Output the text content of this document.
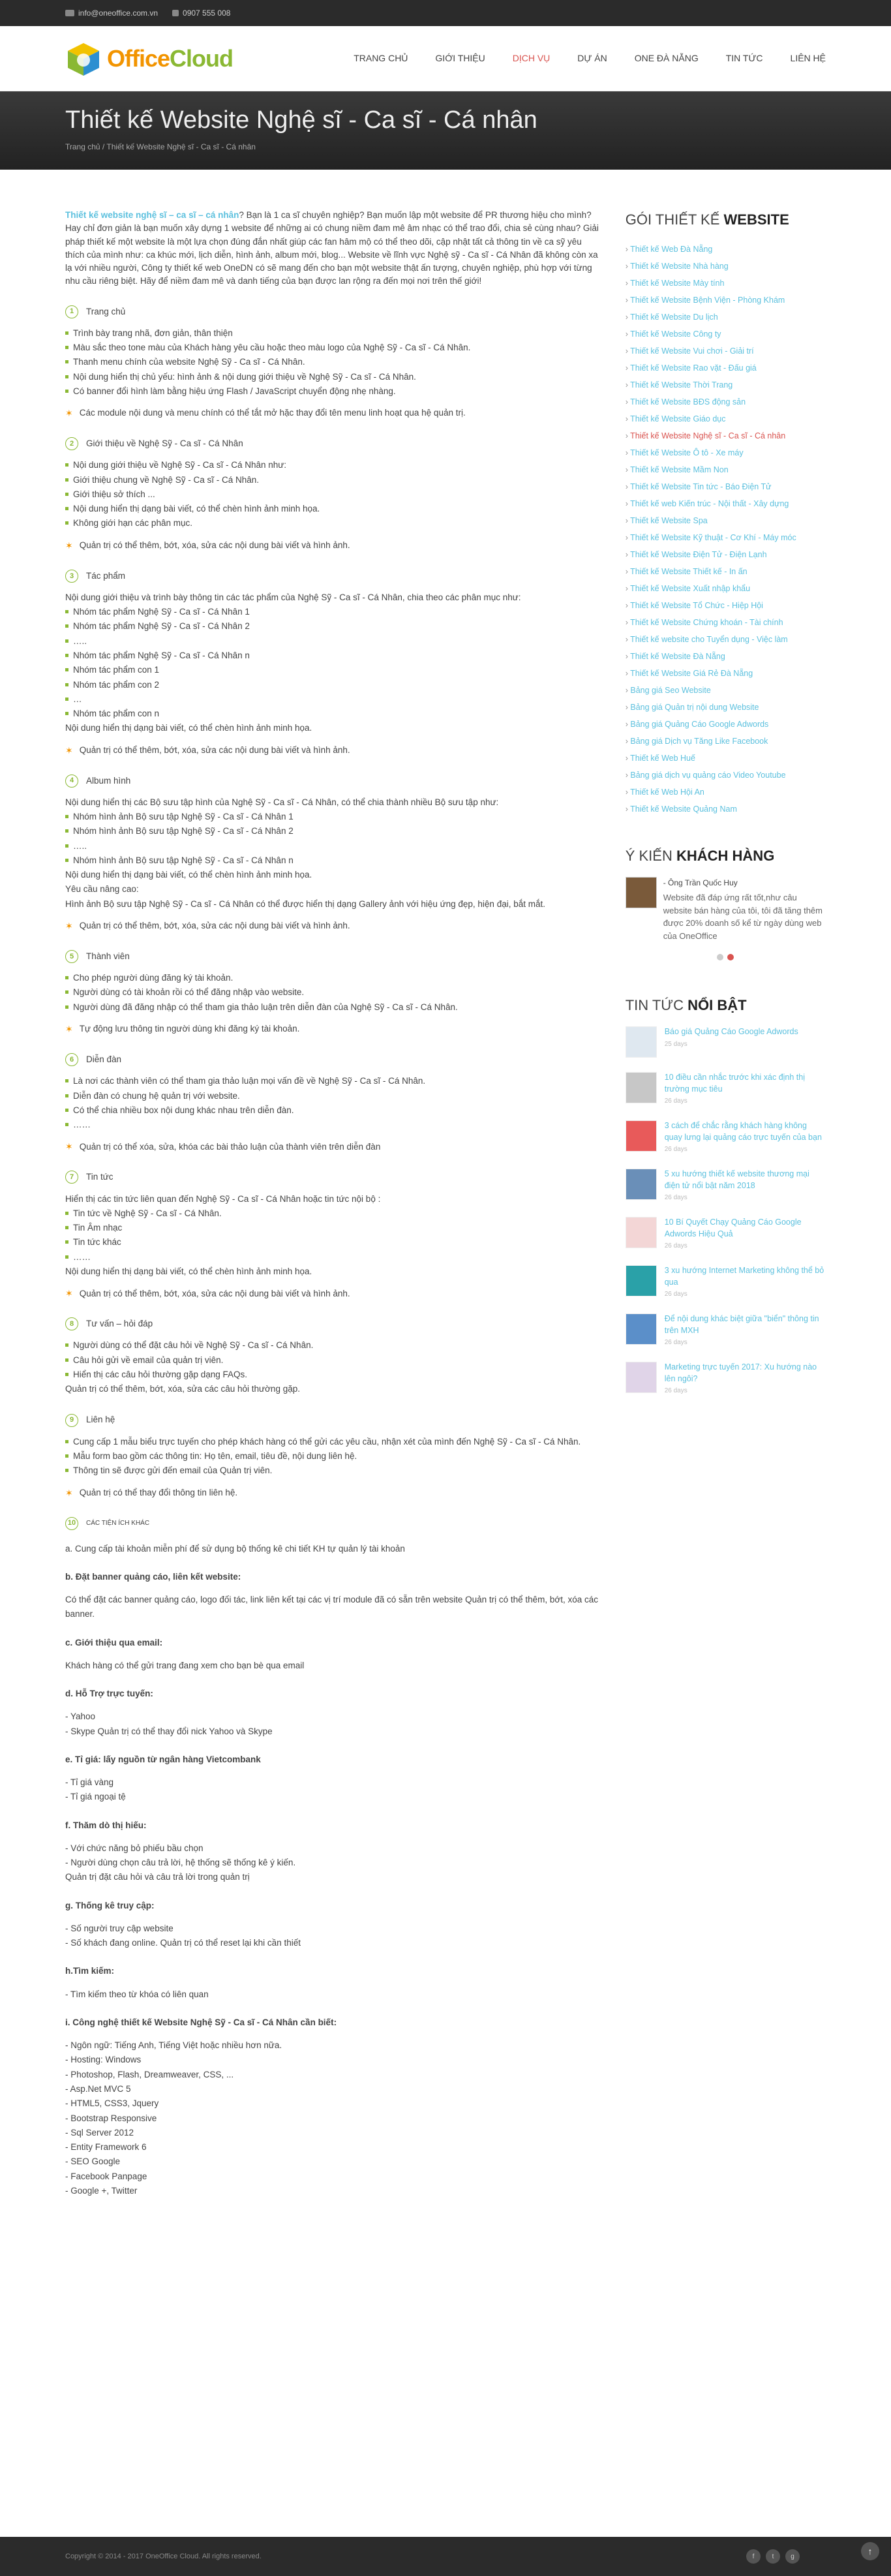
info@oneoffice.com.vn	0907 555 008
OfficeCloud	TRANG CHỦ	GIỚI THIỆU	DỊCH VỤ	DỰ ÁN	ONE ĐÀ NẴNG	TIN TỨC	LIÊN HỆ
Thiết kế Website Nghệ sĩ - Ca sĩ - Cá nhân
Trang chủ / Thiết kế Website Nghệ sĩ - Ca sĩ - Cá nhân

Thiết kế website nghệ sĩ – ca sĩ – cá nhân? Bạn là 1 ca sĩ chuyên nghiệp? Bạn muốn lập một website để PR thương hiệu cho mình? Hay chỉ đơn giản là bạn muốn xây dựng 1 website để những ai có chung niềm đam mê âm nhạc có thể trao đổi, chia sẻ cùng nhau? Giải pháp thiết kế một website là một lựa chọn đúng đắn nhất giúp các fan hâm mộ có thể theo dõi, cập nhật tất cả thông tin về ca sỹ yêu thích của mình như: ca khúc mới, lịch diễn, hình ảnh, album mới, blog... Website về lĩnh vực Nghệ sỹ - Ca sĩ - Cá Nhân đã không còn xa lạ với nhiều người, Công ty thiết kế web OneDN có sẽ mang đến cho bạn một website thật ấn tượng, chuyên nghiệp, phù hợp với từng nhu cầu riêng biệt. Hãy để niềm đam mê và danh tiếng của bạn được lan rộng ra đến mọi nơi trên thế giới!

1	Trang chủ
Trình bày trang nhã, đơn giản, thân thiện
Màu sắc theo tone màu của Khách hàng yêu cầu hoặc theo màu logo của Nghệ Sỹ - Ca sĩ - Cá Nhân.
Thanh menu chính của website Nghệ Sỹ - Ca sĩ - Cá Nhân.
Nội dung hiển thị chủ yếu: hình ảnh & nội dung giới thiệu về Nghệ Sỹ - Ca sĩ - Cá Nhân.
Có banner đổi hình làm bằng hiệu ứng Flash / JavaScript chuyển động nhẹ nhàng.
✶ Các module nội dung và menu chính có thể tắt mở hặc thay đổi tên menu linh hoạt qua hệ quản trị.
2	Giới thiệu về Nghệ Sỹ - Ca sĩ - Cá Nhân
Nội dung giới thiệu về Nghệ Sỹ - Ca sĩ - Cá Nhân như:
Giới thiệu chung về Nghệ Sỹ - Ca sĩ - Cá Nhân.
Giới thiệu sở thích ...
Nội dung hiển thị dạng bài viết, có thể chèn hình ảnh minh họa.
Không giới hạn các phân mục.
✶ Quản trị có thể thêm, bớt, xóa, sửa các nội dung bài viết và hình ảnh.
3	Tác phẩm
Nội dung giới thiệu và trình bày thông tin các tác phẩm của Nghệ Sỹ - Ca sĩ - Cá Nhân, chia theo các phân mục như:
Nhóm tác phẩm Nghệ Sỹ - Ca sĩ - Cá Nhân 1
Nhóm tác phẩm Nghệ Sỹ - Ca sĩ - Cá Nhân 2
…..
Nhóm tác phẩm Nghệ Sỹ - Ca sĩ - Cá Nhân n
Nhóm tác phẩm con 1
Nhóm tác phẩm con 2
…
Nhóm tác phẩm con n
Nội dung hiển thị dạng bài viết, có thể chèn hình ảnh minh họa.
✶ Quản trị có thể thêm, bớt, xóa, sửa các nội dung bài viết và hình ảnh.
4	Album hình
Nội dung hiển thị các Bộ sưu tập hình của Nghệ Sỹ - Ca sĩ - Cá Nhân, có thể chia thành nhiều Bộ sưu tập như:
Nhóm hình ảnh Bộ sưu tập Nghệ Sỹ - Ca sĩ - Cá Nhân 1
Nhóm hình ảnh Bộ sưu tập Nghệ Sỹ - Ca sĩ - Cá Nhân 2
…..
Nhóm hình ảnh Bộ sưu tập Nghệ Sỹ - Ca sĩ - Cá Nhân n
Nội dung hiển thị dạng bài viết, có thể chèn hình ảnh minh họa.
Yêu cầu nâng cao:
Hình ảnh Bộ sưu tập Nghệ Sỹ - Ca sĩ - Cá Nhân có thể được hiển thị dạng Gallery ảnh với hiệu ứng đẹp, hiện đại, bắt mắt.
✶ Quản trị có thể thêm, bớt, xóa, sửa các nội dung bài viết và hình ảnh.
5	Thành viên
Cho phép người dùng đăng ký tài khoản.
Người dùng có tài khoản rồi có thể đăng nhập vào website.
Người dùng đã đăng nhập có thể tham gia thảo luận trên diễn đàn của Nghệ Sỹ - Ca sĩ - Cá Nhân.
✶ Tự động lưu thông tin người dùng khi đăng ký tài khoản.
6	Diễn đàn
Là nơi các thành viên có thể tham gia thảo luận mọi vấn đề về Nghệ Sỹ - Ca sĩ - Cá Nhân.
Diễn đàn có chung hệ quản trị với website.
Có thể chia nhiều box nội dung khác nhau trên diễn đàn.
……
✶ Quản trị có thể xóa, sửa, khóa các bài thảo luận của thành viên trên diễn đàn
7	Tin tức
Hiển thị các tin tức liên quan đến Nghệ Sỹ - Ca sĩ - Cá Nhân hoặc tin tức nội bộ :
Tin tức về Nghệ Sỹ - Ca sĩ - Cá Nhân.
Tin Âm nhạc
Tin tức khác
……
Nội dung hiển thị dạng bài viết, có thể chèn hình ảnh minh họa.
✶ Quản trị có thể thêm, bớt, xóa, sửa các nội dung bài viết và hình ảnh.
8	Tư vấn – hỏi đáp
Người dùng có thể đặt câu hỏi về Nghệ Sỹ - Ca sĩ - Cá Nhân.
Câu hỏi gửi về email của quản trị viên.
Hiển thị các câu hỏi thường gặp dạng FAQs.
Quản trị có thể thêm, bớt, xóa, sửa các câu hỏi thường gặp.
9	Liên hệ
Cung cấp 1 mẫu biểu trực tuyến cho phép khách hàng có thể gửi các yêu cầu, nhận xét của mình đến Nghệ Sỹ - Ca sĩ - Cá Nhân.
Mẫu form bao gồm các thông tin: Họ tên, email, tiêu đề, nội dung liên hệ.
Thông tin sẽ được gửi đến email của Quản trị viên.
✶ Quản trị có thể thay đổi thông tin liên hệ.
10	CÁC TIỆN ÍCH KHÁC
a. Cung cấp tài khoản miễn phí để sử dụng bộ thống kê chi tiết KH tự quản lý tài khoản
b. Đặt banner quảng cáo, liên kết website:
Có thể đặt các banner quảng cáo, logo đối tác, link liên kết tại các vị trí module đã có sẵn trên website Quản trị có thể thêm, bớt, xóa các banner.
c. Giới thiệu qua email:
Khách hàng có thể gửi trang đang xem cho bạn bè qua email
d. Hỗ Trợ trực tuyến:
- Yahoo
- Skype Quản trị có thể thay đổi nick Yahoo và Skype
e. Tỉ giá: lấy nguồn từ ngân hàng Vietcombank
- Tỉ giá vàng
- Tỉ giá ngoại tệ
f. Thăm dò thị hiếu:
- Với chức năng bỏ phiếu bầu chọn
- Người dùng chọn câu trả lời, hệ thống sẽ thống kê ý kiến.
Quản trị đặt câu hỏi và câu trả lời trong quản trị
g. Thống kê truy cập:
- Số người truy cập website
- Số khách đang online. Quản trị có thể reset lại khi cần thiết
h.Tìm kiếm:
- Tìm kiếm theo từ khóa có liên quan
i. Công nghệ thiết kế Website Nghệ Sỹ - Ca sĩ - Cá Nhân cần biết:
- Ngôn ngữ: Tiếng Anh, Tiếng Việt hoặc nhiều hơn nữa.
- Hosting: Windows
- Photoshop, Flash, Dreamweaver, CSS, ...
- Asp.Net MVC 5
- HTML5, CSS3, Jquery
- Bootstrap Responsive
- Sql Server 2012
- Entity Framework 6
- SEO Google
- Facebook Panpage
- Google +, Twitter
GÓI THIẾT KẾ WEBSITE
› Thiết kế Web Đà Nẵng
› Thiết kế Website Nhà hàng
› Thiết kế Website Mày tính
› Thiết kế Website Bệnh Viện - Phòng Khám
› Thiết kế Website Du lịch
› Thiết kế Website Công ty
› Thiết kế Website Vui chơi - Giải trí
› Thiết kế Website Rao vặt - Đấu giá
› Thiết kế Website Thời Trang
› Thiết kế Website BĐS động sản
› Thiết kế Website Giáo dục
› Thiết kế Website Nghệ sĩ - Ca sĩ - Cá nhân
› Thiết kế Website Ô tô - Xe máy
› Thiết kế Website Mầm Non
› Thiết kế Website Tin tức - Báo Điện Tử
› Thiết kế web Kiến trúc - Nội thất - Xây dựng
› Thiết kế Website Spa
› Thiết kế Website Kỹ thuật - Cơ Khí - Máy móc
› Thiết kế Website Điện Tử - Điện Lạnh
› Thiết kế Website Thiết kế - In ấn
› Thiết kế Website Xuất nhập khẩu
› Thiết kế Website Tổ Chức - Hiệp Hội
› Thiết kế Website Chứng khoán - Tài chính
› Thiết kế website cho Tuyển dụng - Việc làm
› Thiết kế Website Đà Nẵng
› Thiết kế Website Giá Rẻ Đà Nẵng
› Bảng giá Seo Website
› Bảng giá Quản trị nội dung Website
› Bảng giá Quảng Cáo Google Adwords
› Bảng giá Dịch vụ Tăng Like Facebook
› Thiết kế Web Huế
› Bảng giá dịch vụ quảng cáo Video Youtube
› Thiết kế Web Hội An
› Thiết kế Website Quảng Nam
Ý KIẾN KHÁCH HÀNG
- Ông Trần Quốc Huy
Website đã đáp ứng rất tốt,như câu website bán hàng của tôi, tôi đã tăng thêm được 20% doanh số kể từ ngày dùng web của OneOffice
TIN TỨC NỔI BẬT
Báo giá Quảng Cáo Google Adwords
25 days
10 điều cần nhắc trước khi xác định thị trường mục tiêu
26 days
3 cách để chắc rằng khách hàng không quay lưng lại quảng cáo trực tuyến của bạn
26 days
5 xu hướng thiết kế website thương mại điện tử nổi bật năm 2018
26 days
10 Bí Quyết Chạy Quảng Cáo Google Adwords Hiệu Quả
26 days
3 xu hướng Internet Marketing không thể bỏ qua
26 days
Để nội dung khác biệt giữa "biển" thông tin trên MXH
26 days
Marketing trực tuyến 2017: Xu hướng nào lên ngôi?
26 days
Copyright © 2014 - 2017 OneOffice Cloud. All rights reserved.	f	t	g
↑
